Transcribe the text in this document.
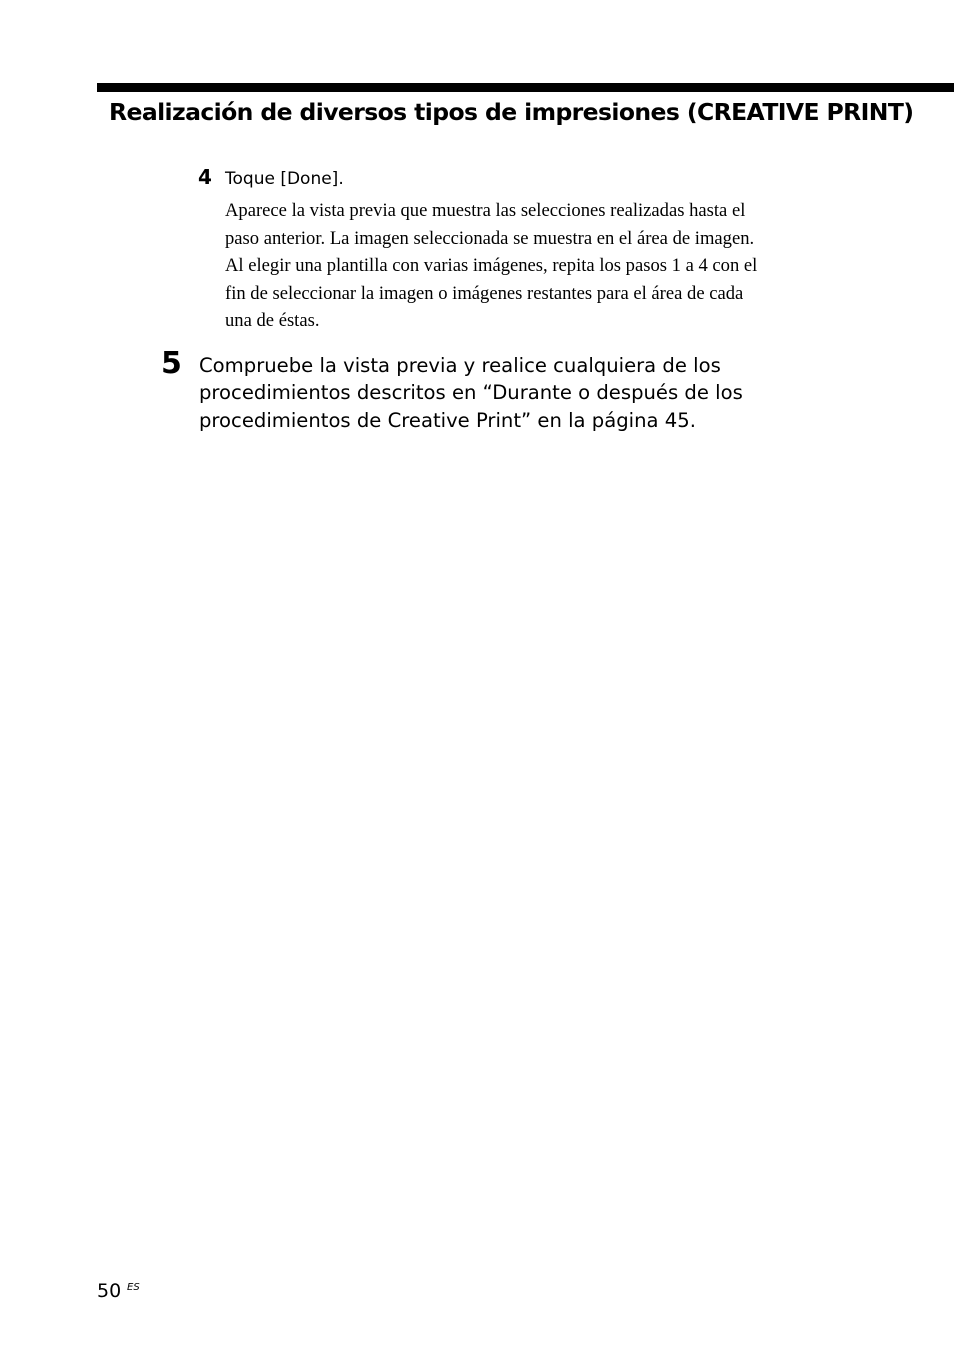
Realización de diversos tipos de impresiones (CREATIVE PRINT)
4 Toque [Done].
Aparece la vista previa que muestra las selecciones realizadas hasta el
paso anterior. La imagen seleccionada se muestra en el área de imagen.
Al elegir una plantilla con varias imágenes, repita los pasos 1 a 4 con el
fin de seleccionar la imagen o imágenes restantes para el área de cada
una de éstas.
5 Compruebe la vista previa y realice cualquiera de los
procedimientos descritos en “Durante o después de los
procedimientos de Creative Print” en la página 45.
50 ES
